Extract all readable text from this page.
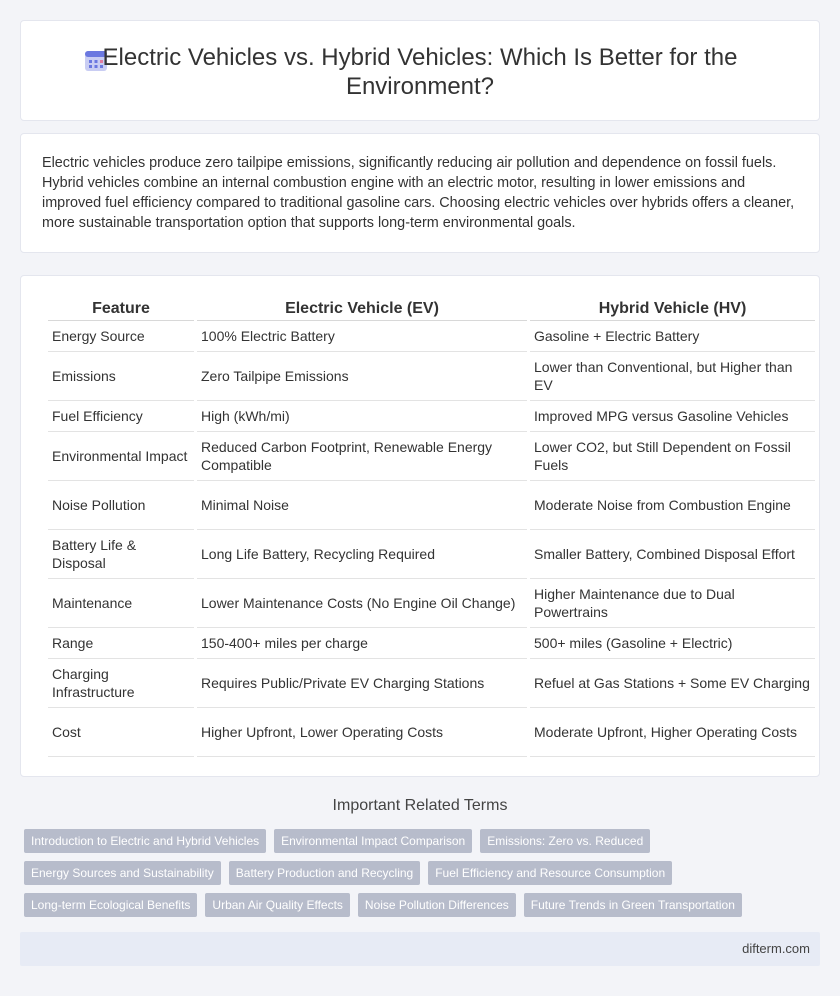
Electric Vehicles vs. Hybrid Vehicles: Which Is Better for the Environment?

Electric vehicles produce zero tailpipe emissions, significantly reducing air pollution and dependence on fossil fuels. Hybrid vehicles combine an internal combustion engine with an electric motor, resulting in lower emissions and improved fuel efficiency compared to traditional gasoline cars. Choosing electric vehicles over hybrids offers a cleaner, more sustainable transportation option that supports long-term environmental goals.

Feature	Electric Vehicle (EV)	Hybrid Vehicle (HV)
Energy Source	100% Electric Battery	Gasoline + Electric Battery
Emissions	Zero Tailpipe Emissions	Lower than Conventional, but Higher than EV
Fuel Efficiency	High (kWh/mi)	Improved MPG versus Gasoline Vehicles
Environmental Impact	Reduced Carbon Footprint, Renewable Energy Compatible	Lower CO2, but Still Dependent on Fossil Fuels
Noise Pollution	Minimal Noise	Moderate Noise from Combustion Engine
Battery Life & Disposal	Long Life Battery, Recycling Required	Smaller Battery, Combined Disposal Effort
Maintenance	Lower Maintenance Costs (No Engine Oil Change)	Higher Maintenance due to Dual Powertrains
Range	150-400+ miles per charge	500+ miles (Gasoline + Electric)
Charging Infrastructure	Requires Public/Private EV Charging Stations	Refuel at Gas Stations + Some EV Charging
Cost	Higher Upfront, Lower Operating Costs	Moderate Upfront, Higher Operating Costs
Important Related Terms
Introduction to Electric and Hybrid Vehicles	Environmental Impact Comparison	Emissions: Zero vs. Reduced
Energy Sources and Sustainability	Battery Production and Recycling	Fuel Efficiency and Resource Consumption
Long-term Ecological Benefits	Urban Air Quality Effects	Noise Pollution Differences	Future Trends in Green Transportation
difterm.com
